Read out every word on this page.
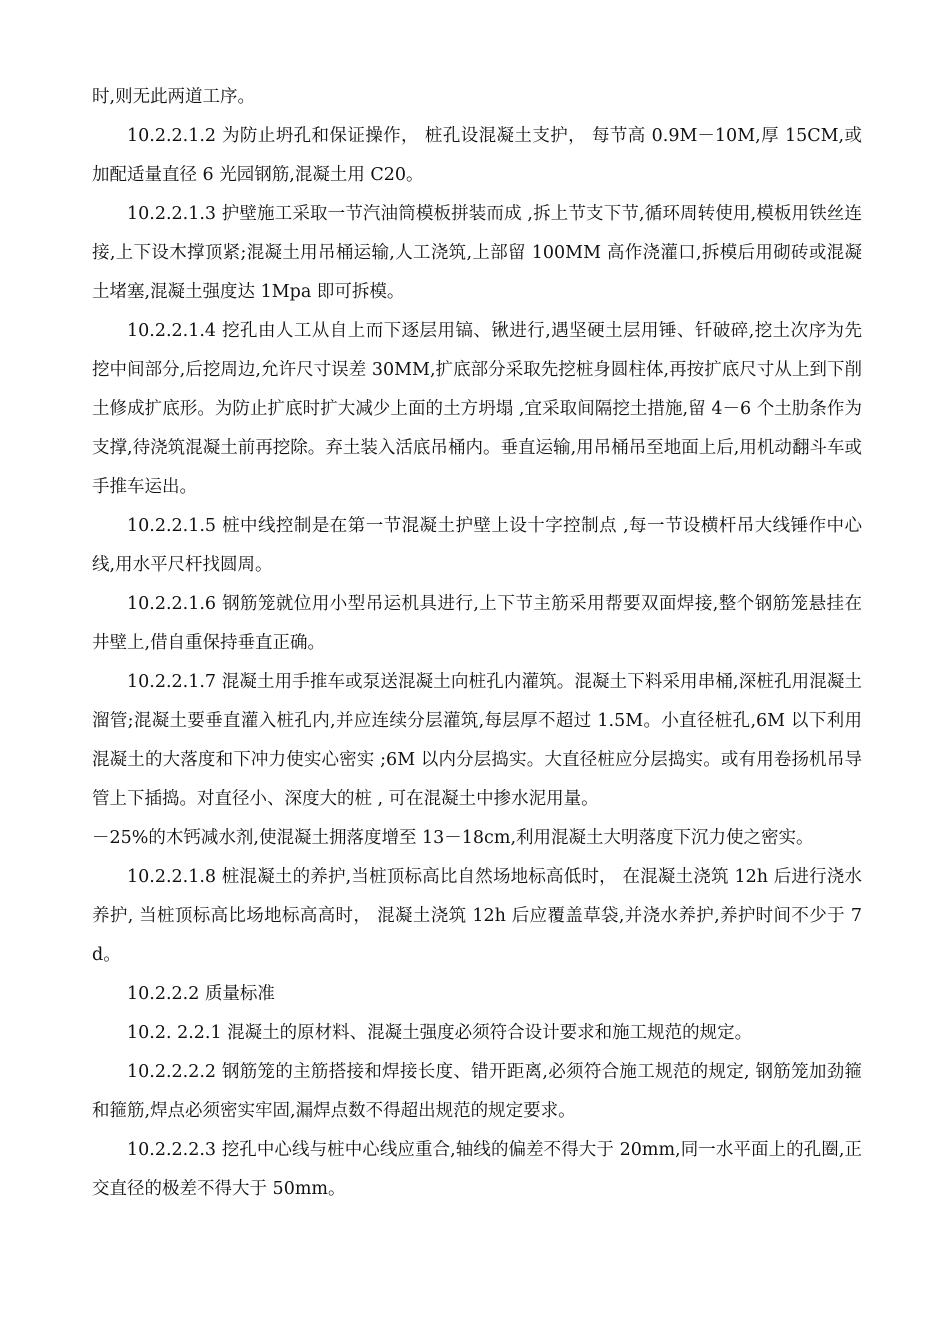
时,则无此两道工序。

10.2.2.1.2 为防止坍孔和保证操作， 桩孔设混凝土支护， 每节高 0.9M－10M,厚 15CM,或加配适量直径 6 光园钢筋,混凝土用 C20。

10.2.2.1.3 护壁施工采取一节汽油筒模板拼装而成 ,拆上节支下节,循环周转使用,模板用铁丝连接,上下设木撑顶紧;混凝土用吊桶运输,人工浇筑,上部留 100MM 高作浇灌口,拆模后用砌砖或混凝土堵塞,混凝土强度达 1Mpa 即可拆模。

10.2.2.1.4 挖孔由人工从自上而下逐层用镐、锹进行,遇坚硬土层用锤、钎破碎,挖土次序为先挖中间部分,后挖周边,允许尺寸误差 30MM,扩底部分采取先挖桩身圆柱体,再按扩底尺寸从上到下削土修成扩底形。为防止扩底时扩大减少上面的土方坍塌 ,宜采取间隔挖土措施,留 4－6 个土肋条作为支撑,待浇筑混凝土前再挖除。弃土装入活底吊桶内。垂直运输,用吊桶吊至地面上后,用机动翻斗车或手推车运出。

10.2.2.1.5 桩中线控制是在第一节混凝土护壁上设十字控制点 ,每一节设横杆吊大线锤作中心线,用水平尺杆找圆周。

10.2.2.1.6 钢筋笼就位用小型吊运机具进行,上下节主筋采用帮要双面焊接,整个钢筋笼悬挂在井壁上,借自重保持垂直正确。

10.2.2.1.7 混凝土用手推车或泵送混凝土向桩孔内灌筑。混凝土下料采用串桶,深桩孔用混凝土溜管;混凝土要垂直灌入桩孔内,并应连续分层灌筑,每层厚不超过 1.5M。小直径桩孔,6M 以下利用混凝土的大落度和下冲力使实心密实 ;6M 以内分层捣实。大直径桩应分层捣实。或有用卷扬机吊导管上下插捣。对直径小、深度大的桩 , 可在混凝土中掺水泥用量。

－25%的木钙减水剂,使混凝土拥落度增至 13－18cm,利用混凝土大明落度下沉力使之密实。

10.2.2.1.8 桩混凝土的养护,当桩顶标高比自然场地标高低时， 在混凝土浇筑 12h 后进行浇水养护, 当桩顶标高比场地标高高时， 混凝土浇筑 12h 后应覆盖草袋,并浇水养护,养护时间不少于 7d。

10.2.2.2 质量标准

10.2. 2.2.1 混凝土的原材料、混凝土强度必须符合设计要求和施工规范的规定。

10.2.2.2.2 钢筋笼的主筋搭接和焊接长度、错开距离,必须符合施工规范的规定, 钢筋笼加劲箍和箍筋,焊点必须密实牢固,漏焊点数不得超出规范的规定要求。

10.2.2.2.3 挖孔中心线与桩中心线应重合,轴线的偏差不得大于 20mm,同一水平面上的孔圈,正交直径的极差不得大于 50mm。
